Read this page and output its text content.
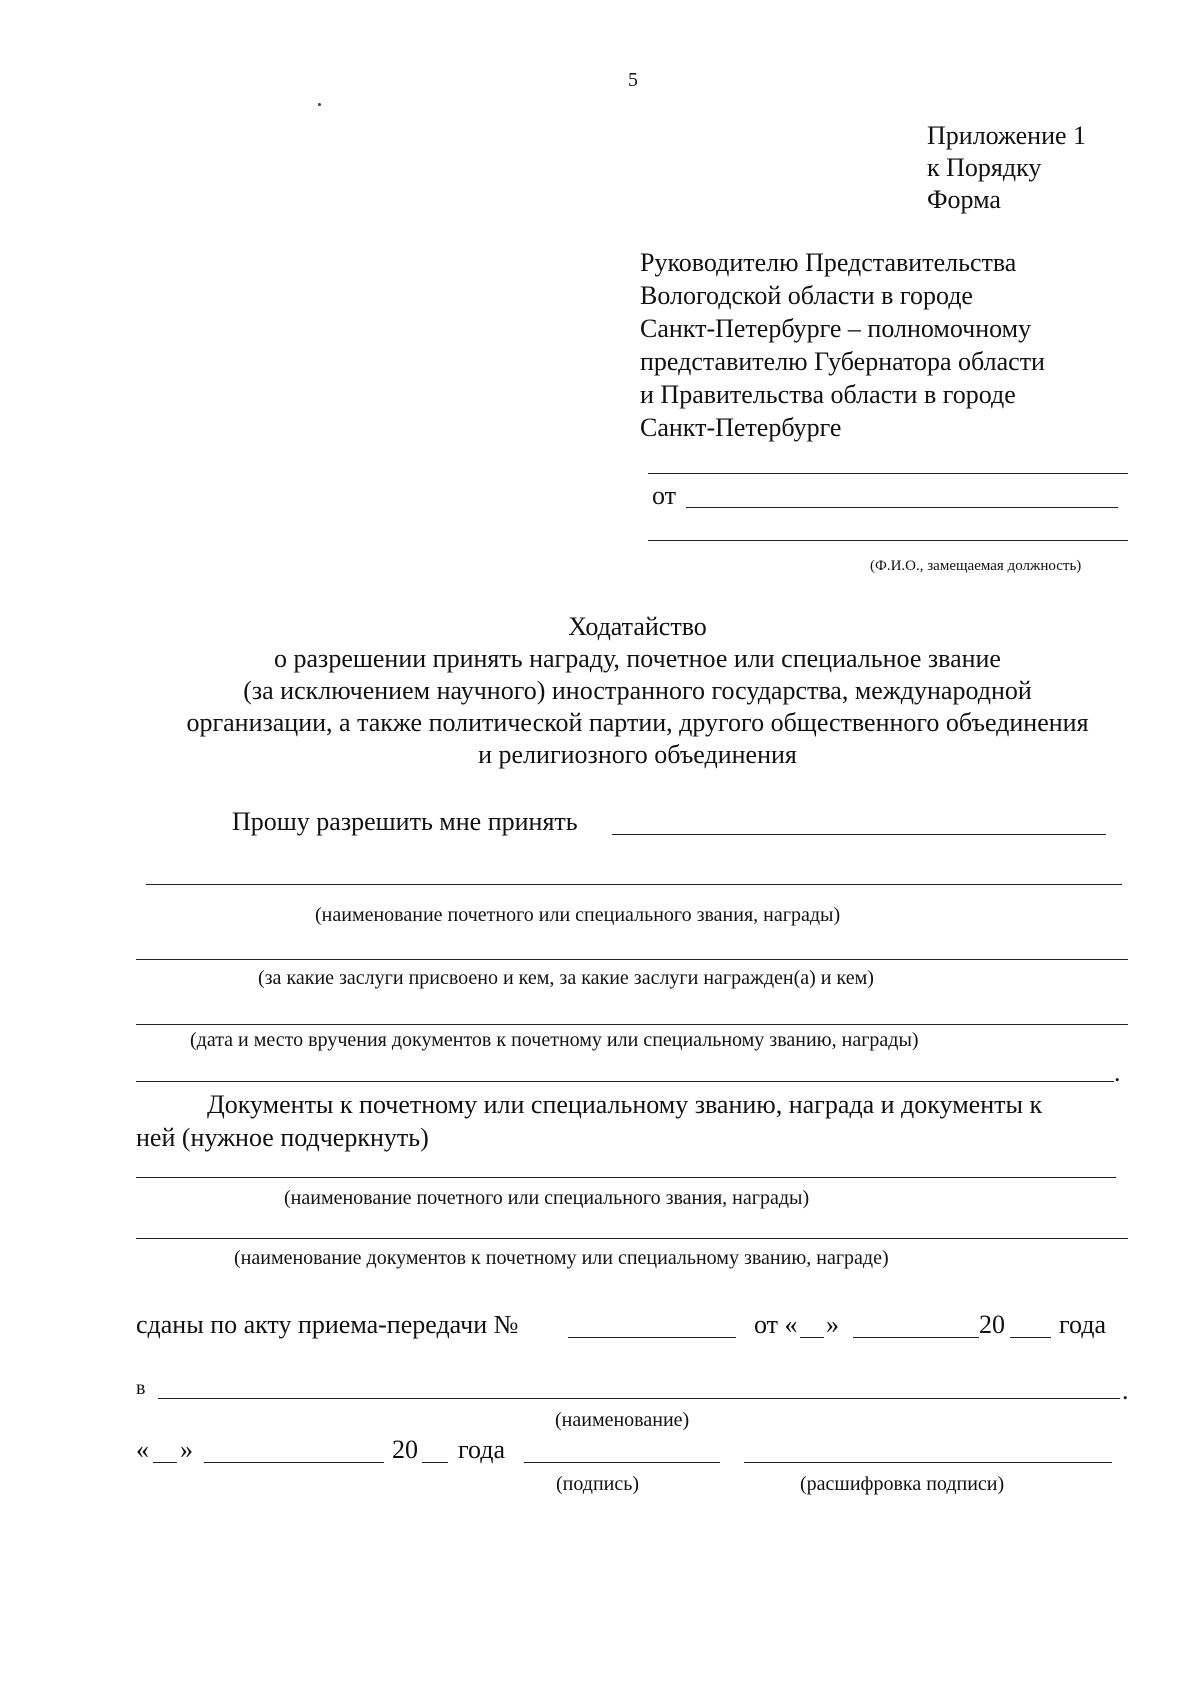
5
Приложение 1
к Порядку
Форма
Руководителю Представительства
Вологодской области в городе
Санкт-Петербурге – полномочному
представителю Губернатора области
и Правительства области в городе
Санкт-Петербурге
от
(Ф.И.О., замещаемая должность)
Ходатайство
о разрешении принять награду, почетное или специальное звание
(за исключением научного) иностранного государства, международной
организации, а также политической партии, другого общественного объединения
и религиозного объединения
Прошу разрешить мне принять
(наименование почетного или специального звания, награды)
(за какие заслуги присвоено и кем, за какие заслуги награжден(а) и кем)
(дата и место вручения документов к почетному или специальному званию, награды)
.
Документы к почетному или специальному званию, награда и документы к
ней (нужное подчеркнуть)
(наименование почетного или специального звания, награды)
(наименование документов к почетному или специальному званию, награде)
сданы по акту приема-передачи №	от « »	20 года
в	.
(наименование)
« »	20 года
(подпись)	(расшифровка подписи)
